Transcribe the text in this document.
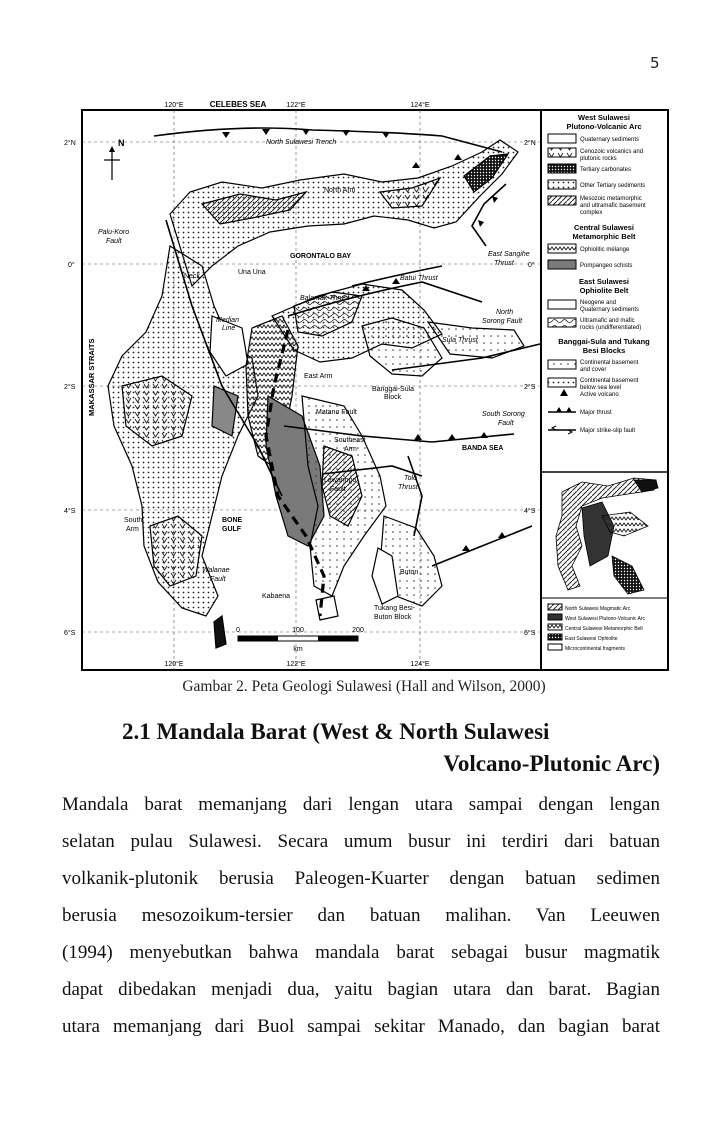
5
0	100	200
km
N
120°E	CELEBES SEA	122°E	124°E
120°E	122°E	124°E
2°N
0°
2°S
4°S
6°S
2°N
0°
2°S
4°S
6°S
North Sulawesi Trench
North Arm
Palu-Koro
Fault
GORONTALO BAY
Una Una
Neck
East Sangihe
Thrust
Batui Thrust
Balantak Thrust
North
Sorong Fault
Median
Line
Sula Thrust
East Arm
Banggai-Sula
Block
Matano Fault	South Sorong
Fault
Southeast
Arm	BANDA SEA
Lawanopo
Fault
Tolo
Thrust
South
Arm
BONE
GULF
Walanae
Fault
Buton
Kabaena
Tukang Besi-
Buton Block
MAKASSAR STRAITS
West Sulawesi
Plutono-Volcanic Arc
Quaternary sediments
Cenozoic volcanics and
plutonic rocks
Tertiary carbonates
Other Tertiary sediments
Mesozoic metamorphic
and ultramafic basement
complex
Central Sulawesi
Metamorphic Belt
Ophiolitic mélange
Pompangeo schists
East Sulawesi
Ophiolite Belt
Neogene and
Quaternary sediments
Ultramafic and mafic
rocks (undifferentiated)
Banggai-Sula and Tukang
Besi Blocks
Continental basement
and cover
Continental basement
below sea level
Active volcano
Major thrust
Major strike-slip fault
North Sulawesi Magmatic Arc
West Sulawesi Plutono-Volcanic Arc
Central Sulawesi Metamorphic Belt
East Sulawesi Ophiolite
Microcontinental fragments
Gambar 2. Peta Geologi Sulawesi (Hall and Wilson, 2000)
2.1 Mandala Barat (West & North Sulawesi
Volcano-Plutonic Arc)
Mandala barat memanjang dari lengan utara sampai dengan lengan
selatan pulau Sulawesi. Secara umum busur ini terdiri dari batuan
volkanik-plutonik berusia Paleogen-Kuarter dengan batuan sedimen
berusia mesozoikum-tersier dan batuan malihan. Van Leeuwen
(1994) menyebutkan bahwa mandala barat sebagai busur magmatik
dapat dibedakan menjadi dua, yaitu bagian utara dan barat. Bagian
utara memanjang dari Buol sampai sekitar Manado, dan bagian barat
